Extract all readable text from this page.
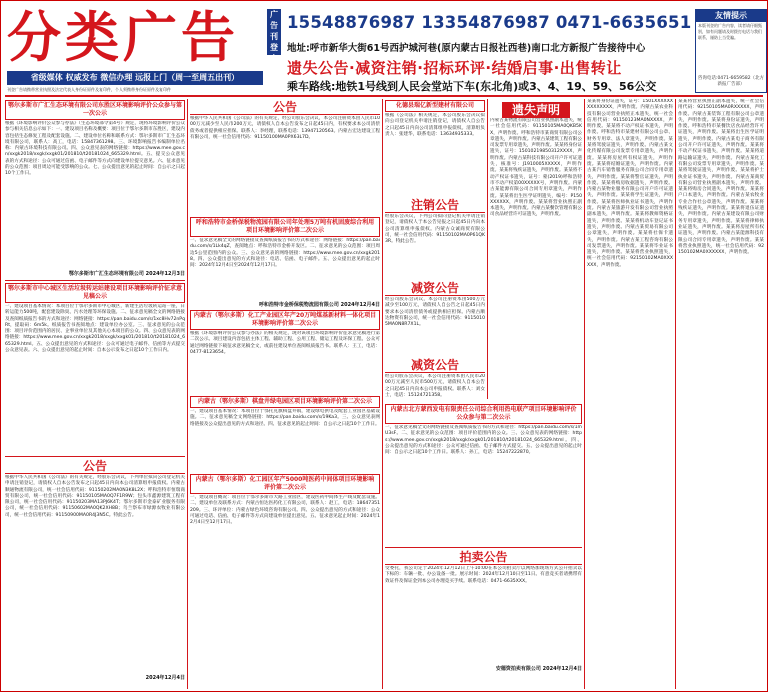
分类广告
省级媒体 权威发布 微信办理 远报上门（周一至周五出刊）
刊登广告请携带营业执照及法定代表人身份证原件及复印件，个人须携带身份证原件及复印件
广告刊登电话
15548876987 13354876987 0471-6635651
地址:呼市新华大街61号西护城河巷(原内蒙古日报社西巷)南口北方新报广告接待中心
遗失公告·减资注销·招标环评·结婚启事·出售转让
乘车路线:地铁1号线到人民会堂站下车(东北角)或3、4、19、59、56公交
友情提示
本版刊登的广告内容，读者请仔细甄别，如有问题请及时拨打电话与我们联系，谨防上当受骗。
咨询电话:0471-6659582（北方新报广告部）
鄂尔多斯市广汇生态环境有限公司东胜区环境影响评价公众参与第一次公示
根据《环境影响评价公众参与办法》（生态环境部令第4号）规定，现将环境影响评价公众参与相关信息公示如下：一、建设项目名称及概要：项目位于鄂尔多斯市东胜区，建设内容包括生态修复工程及配套设施。二、建设单位名称和联系方式：鄂尔多斯市广汇生态环境有限公司，联系人：高工，电话：15847361298。三、环境影响报告书编制单位名称：内蒙古环境科技有限公司。四、公众意见表的网络链接：https://www.mee.gov.cn/xxgk2018/xxgk/xxgk01/201810/t20181024_665329.html。五、提交公众意见表的方式和途径：公众可通过信函、电子邮件等方式向建设单位提交意见。六、征求意见的公众范围：项目周边可能受影响的公众。七、公众提出意见的起止时间：自公示之日起10个工作日。
鄂尔多斯市广汇生态环境有限公司 2024年12月3日
鄂尔多斯市中心城区生活垃圾转运站建设项目环境影响评价征求意见稿公示
一、建设项目基本情况：本项目位于鄂尔多斯市中心城区，新建生活垃圾转运站一座，日转运能力500吨，配套建设除臭、污水处理等环保设施。二、征求意见稿全文的网络链接及查阅纸质报告书的方式和途径：网络链接：https://pan.baidu.com/s/1xc8Hv72nPqRt，提取码：6m5k。纸质报告书查阅地点：建设单位办公室。三、征求意见的公众范围：项目评价范围内的居民、企事业单位及其他关心本项目的公众。四、公众意见表的网络链接：https://www.mee.gov.cn/xxgk2018/xxgk/xxgk01/201810/t20181024_665329.html。五、公众提出意见的方式和途径：公众可通过电子邮件、信函等方式提交公众意见表。六、公众提出意见的起止时间：自本公示发布之日起10个工作日内。
公告
根据中华人民共和国《公司法》的有关规定，经股东会决议，下列单位拟向公司登记机关申请注销登记，请债权人自本公告发布之日起45日内向本公司清算组申报债权。内蒙古顺通物流有限公司，统一社会信用代码：91150202MA0N3K8L2X；呼和浩特市恒瑞商贸有限公司，统一社会信用代码：91150105MA0Q7F1R9W；包头市鑫源建筑工程有限公司，统一社会信用代码：91150203MA13PJ6K4T；鄂尔多斯市金泰矿业服务有限公司，统一社会信用代码：91150602MA0QK2XH8B；乌兰察布市绿源农牧业有限公司，统一社会信用代码：91150900MA0R4J3N5C。特此公告。
2024年12月4日
公告
根据中华人民共和国《公司法》的有关规定，经公司股东会决议，本公司注册资本由人民币1000万元减少至人民币200万元，请债权人自本公告发布之日起45日内，有权要求本公司清偿债务或者提供相应担保。联系人：李经理，联系电话：13947120563。内蒙古宏达建设工程有限公司，统一社会信用代码：91150100MA0PX63L7D。
呼和浩特市金桥保税物流园有限公司年处理5万吨有机固废综合利用项目环境影响评价第二次公示
一、征求意见稿全文的网络链接及查阅纸质报告书的方式和途径：网络链接：https://pan.baidu.com/s/1Lk4qZ，查阅地点：呼和浩特市金桥开发区。二、征求意见的公众范围：项目周边5公里范围内的公众。三、公众意见表的网络链接：https://www.mee.gov.cn/xxgk2018。四、公众提出意见的方式和途径：电话、信函、电子邮件。五、公众提出意见的起止时间：2024年12月4日至2024年12月17日。
呼和浩特市金桥保税物流园有限公司 2024年12月4日
内蒙古（鄂尔多斯）化工产业园区年产20万吨煤基新材料一体化项目环境影响评价第二次公示
根据《环境影响评价公众参与办法》的相关规定，现对该项目环境影响评价征求意见稿进行第二次公示。项目建设内容包括主体工程、辅助工程、公用工程、储运工程及环保工程。公众可通过网络链接下载征求意见稿全文，或前往建设单位查阅纸质报告书。联系人：王工，电话：0477-8123654。
内蒙古（鄂尔多斯）棋盘井绿电园区项目环境影响评价第二次公示
一、建设项目基本情况：本项目位于鄂托克旗棋盘井镇，建设绿电供电及配套工业园区基础设施。二、征求意见稿全文网络链接：https://pan.baidu.com/s/19Ka3。三、公众意见表网络链接及公众提出意见的方式和途径。四、征求意见的起止时间：自公示之日起10个工作日。
内蒙古（鄂尔多斯）化工园区年产5000吨医药中间体项目环境影响评价第二次公示
一、建设项目概况：项目位于鄂尔多斯市大路工业园区，建设医药中间体生产线及配套设施。二、建设单位及联系方式：内蒙古恒达医药化工有限公司，联系人：赵工，电话：18647351209。三、环评单位：内蒙古绿色环境咨询有限公司。四、公众提出意见的方式和途径：公众可通过电话、信函、电子邮件等方式向建设单位提出意见。五、征求意见起止时间：2024年12月4日至12月17日。
化德县瑞亿新型建材有限公司
根据《公司法》相关规定，本公司股东会决议拟向公司登记机关申请注销登记，请债权人自公告之日起45日内向公司清算组申报债权。清算组负责人：张建华，联系电话：13634935333。
注销公告
经股东会决议，下列公司拟向登记机关申请注销登记，请债权人于本公告见报之日起45日内向本公司清算组申报债权。内蒙古众诚商贸有限公司，统一社会信用代码：91150102MA0P61QK3R。特此公告。
减资公告
经公司股东会决议，本公司注册资本由500万元减少至100万元，请债权人自公告之日起45日内要求本公司清偿债务或提供相应担保。内蒙古顺达物资有限公司，统一社会信用代码：91150105MA0N8R7X1L。
减资公告
经公司股东会决议，本公司注册资本由人民币2000万元减至人民币500万元，请债权人自本公告之日起45日内向本公司申报债权。联系人：刘女士，电话：15124721358。
遗失声明
内蒙古某物流有限公司营业执照副本遗失，统一社会信用代码：91150105MA0QKB5KX，声明作废。呼和浩特市某商贸有限公司公章遗失，声明作废。内蒙古某建筑工程有限公司发票专用章遗失，声明作废。某某将身份证遗失，证号：15010219850312XXXX，声明作废。内蒙古某科技有限公司开户许可证遗失，核准号：J1910005XXXXX，声明作废。某某将残疾证遗失，声明作废。某某将不动产权证书遗失，证号：蒙(2019)呼和浩特市不动产权第00XXXXX号，声明作废。内蒙古某能源有限公司合同专用章遗失，声明作废。某某将出生医学证明遗失，编号：P150XXXXXX，声明作废。某某将营业执照正副本遗失，声明作废。内蒙古某餐饮管理有限公司食品经营许可证遗失，声明作废。
内蒙古北方蒙西发电有限责任公司综合利用热电联产项目环境影响评价公众参与第二次公示
一、征求意见稿全文的网络链接及查阅纸质报告书的方式和途径：https://pan.baidu.com/s/1mU3sF。二、征求意见的公众范围：项目评价范围内的公众。三、公众意见表的网络链接：https://www.mee.gov.cn/xxgk2018/xxgk/xxgk01/201810/t20181024_665329.html。四、公众提出意见的方式和途径：公众可通过信函、电子邮件方式提交。五、公众提出意见的起止时间：自公示之日起10个工作日。联系人：孙工，电话：15247222870。
拍卖公告
受委托，我公司定于2024年12月12日上午10:00在本公司拍卖厅以网络加现场方式公开拍卖以下标的：车辆一批、办公设备一批。展示时间：2024年12月10日至11日。有意竞买者请携带有效证件及保证金到本公司办理竞买手续。联系电话：0471-6635XXX。
安德资拍卖有限公司 2024年12月4日
某某将身份证遗失，证号：1501XXXXXXXXXXXXXX，声明作废。内蒙古某农业科技有限公司营业执照正本遗失，统一社会信用代码：91150123MA0NXXXX，声明作废。某某将不动产权证书遗失，声明作废。呼和浩特市某建材有限公司公章、财务专用章、法人章遗失，声明作废。某某将驾驶证遗失，声明作废。内蒙古某文化传媒有限公司发票专用章遗失，声明作废。某某将房屋所有权证遗失，声明作废。某某将结婚证遗失，声明作废。内蒙古某汽车销售服务有限公司合同专用章遗失，声明作废。某某将警官证遗失，声明作废。某某将购房收据遗失，声明作废。内蒙古某物业服务有限公司开户许可证遗失，声明作废。某某将学生证遗失，声明作废。某某将医师执业证书遗失，声明作废。内蒙古某旅游开发有限公司营业执照副本遗失，声明作废。某某将教师资格证遗失，声明作废。某某将机动车登记证书遗失，声明作废。内蒙古某贸易有限公司公章遗失，声明作废。某某将社保卡遗失，声明作废。内蒙古某工程咨询有限公司发票遗失，声明作废。某某将毕业证书遗失，声明作废。某某将营业执照遗失，统一社会信用代码：92150102MA0XXXXXX，声明作废。
某某将营业执照正副本遗失，统一社会信用代码：92150105MA0RXXXXX，声明作废。内蒙古某装饰工程有限公司公章遗失，声明作废。某某将身份证遗失，声明作废。呼和浩特市某餐饮店食品经营许可证遗失，声明作废。某某将出生医学证明遗失，声明作废。内蒙古某电子商务有限公司开户许可证遗失，声明作废。某某将不动产权证书遗失，声明作废。某某将道路运输证遗失，声明作废。内蒙古某化工有限公司发票专用章遗失，声明作废。某某将驾驶证遗失，声明作废。某某将护士执业证书遗失，声明作废。内蒙古某商贸有限公司营业执照副本遗失，声明作废。某某将购房合同遗失，声明作废。某某将户口本遗失，声明作废。内蒙古某农牧业专业合作社公章遗失，声明作废。某某将残疾证遗失，声明作废。某某将退伍证遗失，声明作废。内蒙古某建设有限公司财务专用章遗失，声明作废。某某将律师执业证遗失，声明作废。某某将房屋所有权证遗失，声明作废。内蒙古某能源科技有限公司合同专用章遗失，声明作废。某某将营业执照遗失，统一社会信用代码：92150102MA0XXXXXX，声明作废。
